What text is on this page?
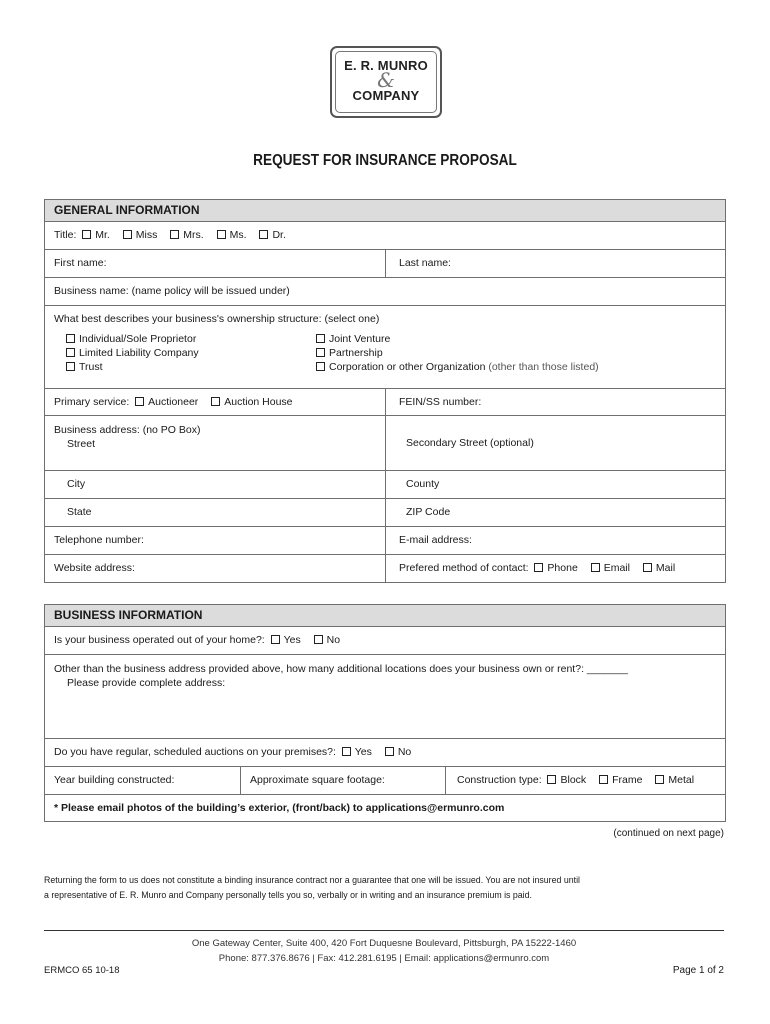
E. R. MUNRO
&
COMPANY
REQUEST FOR INSURANCE PROPOSAL
GENERAL INFORMATION
Title: Mr. Miss Mrs. Ms. Dr.
First name:	Last name:
Business name: (name policy will be issued under)
What best describes your business's ownership structure: (select one)
Individual/Sole Proprietor
Limited Liability Company
Trust
Joint Venture
Partnership
Corporation or other Organization (other than those listed)
Primary service: Auctioneer Auction House	FEIN/SS number:
Business address: (no PO Box)
Street	Secondary Street (optional)
City	County
State	ZIP Code
Telephone number:	E-mail address:
Website address:	Prefered method of contact: Phone Email Mail
BUSINESS INFORMATION
Is your business operated out of your home?: Yes No
Other than the business address provided above, how many additional locations does your business own or rent?: _______
Please provide complete address:
Do you have regular, scheduled auctions on your premises?: Yes No
Year building constructed:	Approximate square footage:	Construction type: Block Frame Metal
* Please email photos of the building’s exterior, (front/back) to applications@ermunro.com
(continued on next page)
Returning the form to us does not constitute a binding insurance contract nor a guarantee that one will be issued. You are not insured until
a representative of E. R. Munro and Company personally tells you so, verbally or in writing and an insurance premium is paid.
One Gateway Center, Suite 400, 420 Fort Duquesne Boulevard, Pittsburgh, PA 15222-1460
Phone: 877.376.8676 | Fax: 412.281.6195 | Email: applications@ermunro.com
ERMCO 65 10-18	Page 1 of 2
